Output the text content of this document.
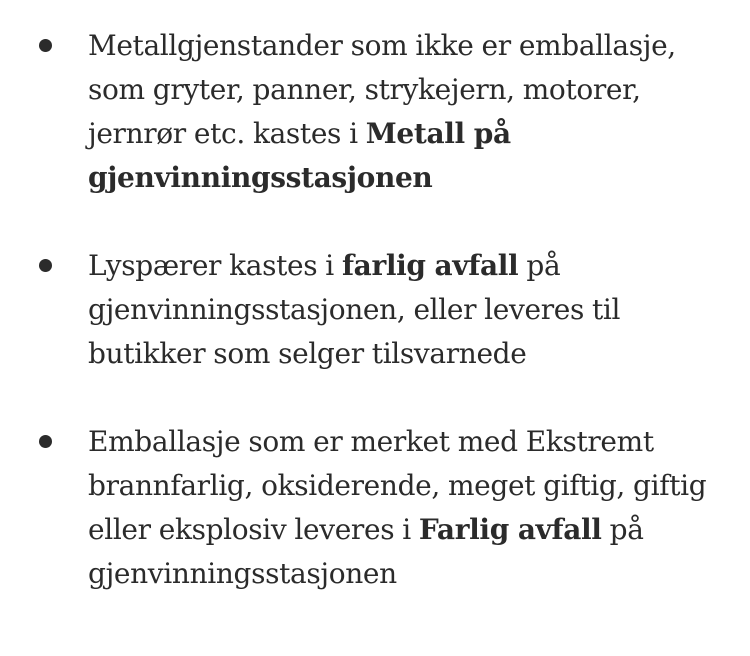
Metallgjenstander som ikke er emballasje, som gryter, panner, strykejern, motorer, jernrør etc. kastes i Metall på gjenvinningsstasjonen
Lyspærer kastes i farlig avfall på gjenvinningsstasjonen, eller leveres til butikker som selger tilsvarnede
Emballasje som er merket med Ekstremt brannfarlig, oksiderende, meget giftig, giftig eller eksplosiv leveres i Farlig avfall på gjenvinningsstasjonen
